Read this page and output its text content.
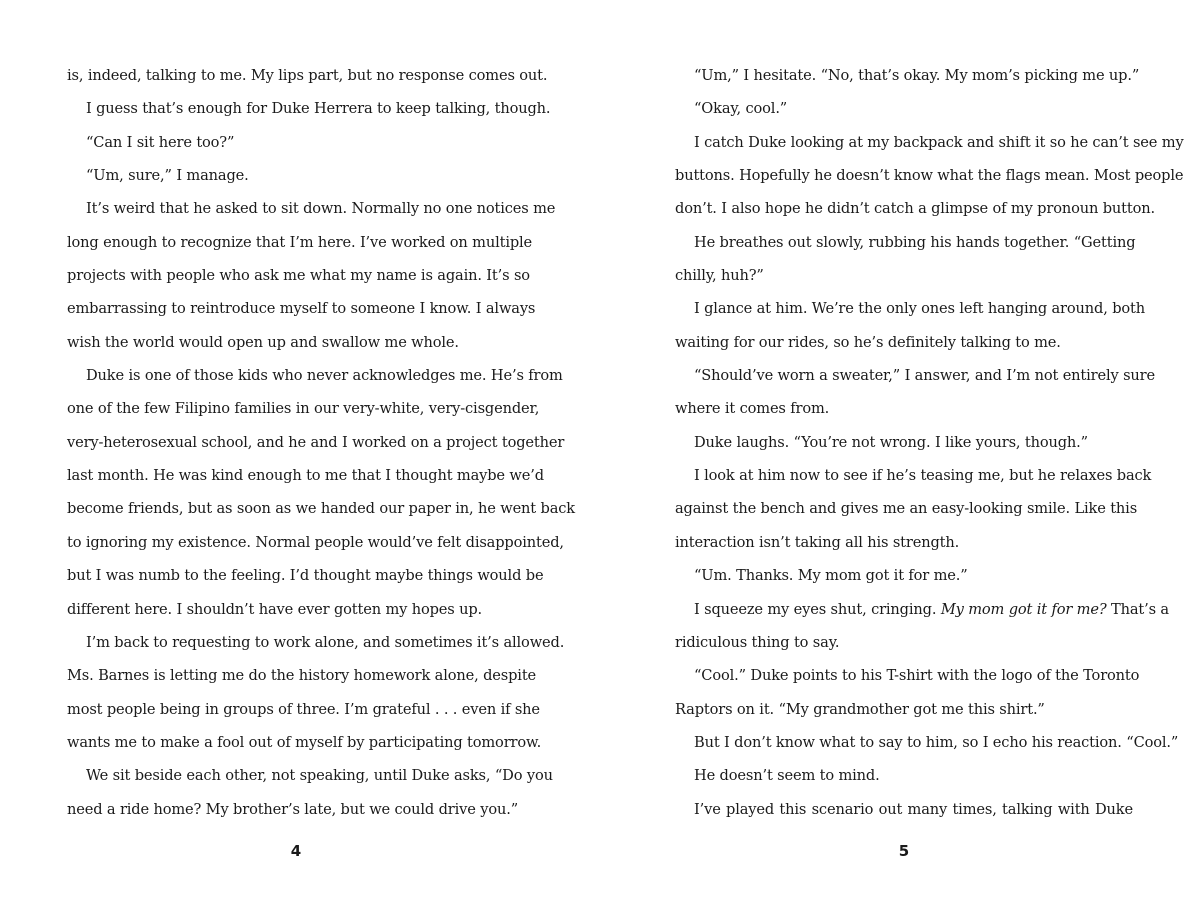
is, indeed, talking to me. My lips part, but no response comes out.
I guess that’s enough for Duke Herrera to keep talking, though.
“Can I sit here too?”
“Um, sure,” I manage.
It’s weird that he asked to sit down. Normally no one notices me
long enough to recognize that I’m here. I’ve worked on multiple
projects with people who ask me what my name is again. It’s so
embarrassing to reintroduce myself to someone I know. I always
wish the world would open up and swallow me whole.
Duke is one of those kids who never acknowledges me. He’s from
one of the few Filipino families in our very-white, very-cisgender,
very-heterosexual school, and he and I worked on a project together
last month. He was kind enough to me that I thought maybe we’d
become friends, but as soon as we handed our paper in, he went back
to ignoring my existence. Normal people would’ve felt disappointed,
but I was numb to the feeling. I’d thought maybe things would be
different here. I shouldn’t have ever gotten my hopes up.
I’m back to requesting to work alone, and sometimes it’s allowed.
Ms. Barnes is letting me do the history homework alone, despite
most people being in groups of three. I’m grateful . . . even if she
wants me to make a fool out of myself by participating tomorrow.
We sit beside each other, not speaking, until Duke asks, “Do you
need a ride home? My brother’s late, but we could drive you.”
4
“Um,” I hesitate. “No, that’s okay. My mom’s picking me up.”
“Okay, cool.”
I catch Duke looking at my backpack and shift it so he can’t see my
buttons. Hopefully he doesn’t know what the flags mean. Most people
don’t. I also hope he didn’t catch a glimpse of my pronoun button.
He breathes out slowly, rubbing his hands together. “Getting
chilly, huh?”
I glance at him. We’re the only ones left hanging around, both
waiting for our rides, so he’s definitely talking to me.
“Should’ve worn a sweater,” I answer, and I’m not entirely sure
where it comes from.
Duke laughs. “You’re not wrong. I like yours, though.”
I look at him now to see if he’s teasing me, but he relaxes back
against the bench and gives me an easy-looking smile. Like this
interaction isn’t taking all his strength.
“Um. Thanks. My mom got it for me.”
I squeeze my eyes shut, cringing. My mom got it for me? That’s a
ridiculous thing to say.
“Cool.” Duke points to his T-shirt with the logo of the Toronto
Raptors on it. “My grandmother got me this shirt.”
But I don’t know what to say to him, so I echo his reaction. “Cool.”
He doesn’t seem to mind.
I’ve played this scenario out many times, talking with Duke
5
